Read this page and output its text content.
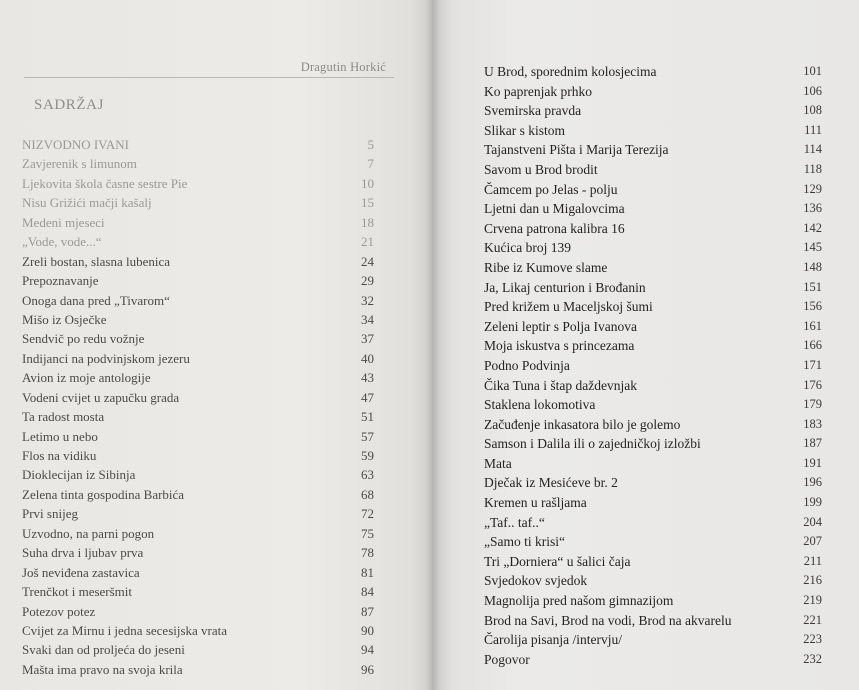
Dragutin Horkić
SADRŽAJ
NIZVODNO IVANI	5
Zavjerenik s limunom	7
Ljekovita škola časne sestre Pie	10
Nisu Grižići mačji kašalj	15
Medeni mjeseci	18
„Vode, vode...“	21
Zreli bostan, slasna lubenica	24
Prepoznavanje	29
Onoga dana pred „Tivarom“	32
Mišo iz Osječke	34
Sendvič po redu vožnje	37
Indijanci na podvinjskom jezeru	40
Avion iz moje antologije	43
Vodeni cvijet u zapučku grada	47
Ta radost mosta	51
Letimo u nebo	57
Flos na vidiku	59
Dioklecijan iz Sibinja	63
Zelena tinta gospodina Barbića	68
Prvi snijeg	72
Uzvodno, na parni pogon	75
Suha drva i ljubav prva	78
Još neviđena zastavica	81
Trenčkot i meseršmit	84
Potezov potez	87
Cvijet za Mirnu i jedna secesijska vrata	90
Svaki dan od proljeća do jeseni	94
Mašta ima pravo na svoja krila	96
U Brod, sporednim kolosjecima	101
Ko paprenjak prhko	106
Svemirska pravda	108
Slikar s kistom	111
Tajanstveni Pišta i Marija Terezija	114
Savom u Brod brodit	118
Čamcem po Jelas - polju	129
Ljetni dan u Migalovcima	136
Crvena patrona kalibra 16	142
Kućica broj 139	145
Ribe iz Kumove slame	148
Ja, Likaj centurion i Brođanin	151
Pred križem u Maceljskoj šumi	156
Zeleni leptir s Polja Ivanova	161
Moja iskustva s princezama	166
Podno Podvinja	171
Čika Tuna i štap daždevnjak	176
Staklena lokomotiva	179
Začuđenje inkasatora bilo je golemo	183
Samson i Dalila ili o zajedničkoj izložbi	187
Mata	191
Dječak iz Mesićeve br. 2	196
Kremen u rašljama	199
„Taf.. taf..“	204
„Samo ti krisi“	207
Tri „Dorniera“ u šalici čaja	211
Svjedokov svjedok	216
Magnolija pred našom gimnazijom	219
Brod na Savi, Brod na vodi, Brod na akvarelu	221
Čarolija pisanja /intervju/	223
Pogovor	232
